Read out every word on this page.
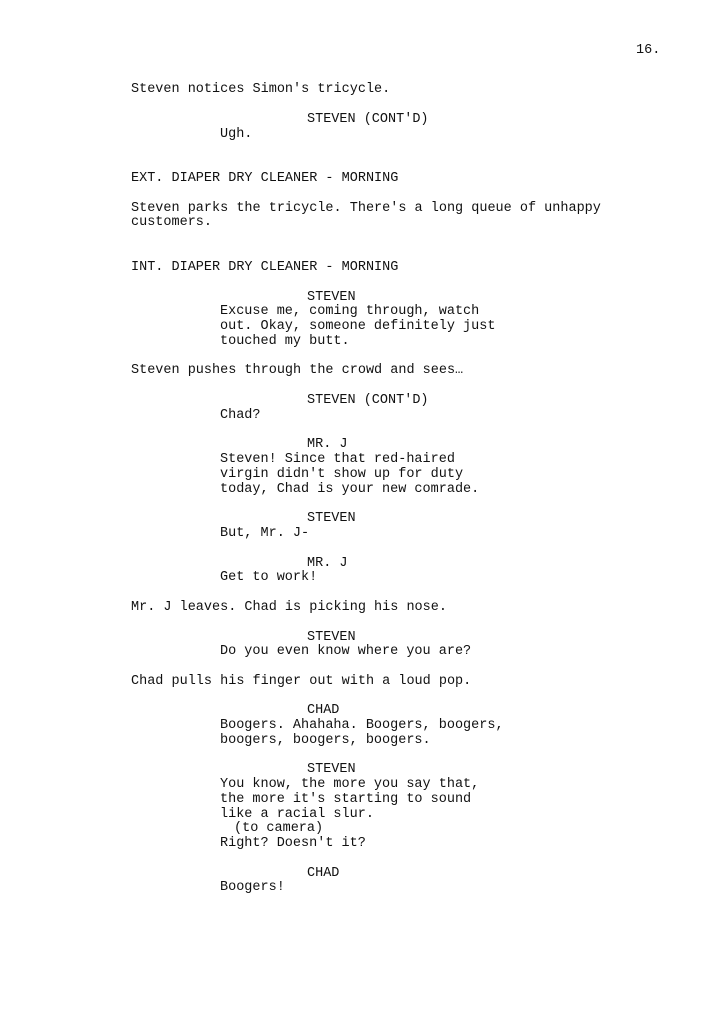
16.
Steven notices Simon's tricycle.
STEVEN (CONT'D)
Ugh.
EXT. DIAPER DRY CLEANER - MORNING
Steven parks the tricycle. There's a long queue of unhappy
customers.
INT. DIAPER DRY CLEANER - MORNING
STEVEN
Excuse me, coming through, watch
out. Okay, someone definitely just
touched my butt.
Steven pushes through the crowd and sees…
STEVEN (CONT'D)
Chad?
MR. J
Steven! Since that red-haired
virgin didn't show up for duty
today, Chad is your new comrade.
STEVEN
But, Mr. J-
MR. J
Get to work!
Mr. J leaves. Chad is picking his nose.
STEVEN
Do you even know where you are?
Chad pulls his finger out with a loud pop.
CHAD
Boogers. Ahahaha. Boogers, boogers,
boogers, boogers, boogers.
STEVEN
You know, the more you say that,
the more it's starting to sound
like a racial slur.
(to camera)
Right? Doesn't it?
CHAD
Boogers!
